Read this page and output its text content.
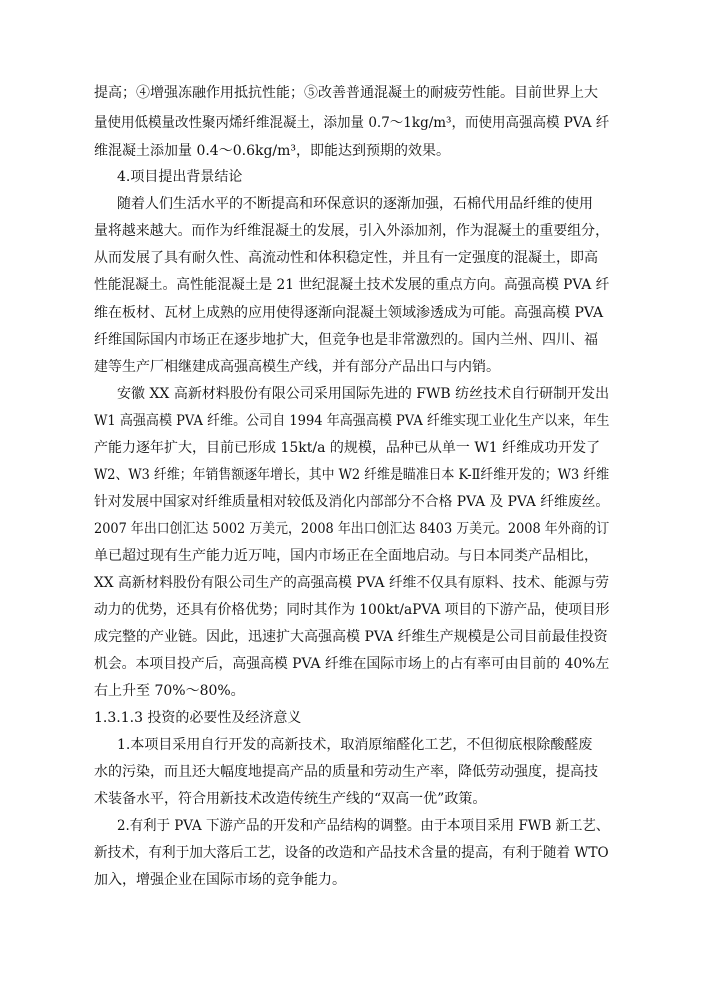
提高；④增强冻融作用抵抗性能；⑤改善普通混凝土的耐疲劳性能。目前世界上大
量使用低模量改性聚丙烯纤维混凝土，添加量 0.7～1kg/m³，而使用高强高模 PVA 纤
维混凝土添加量 0.4～0.6kg/m³，即能达到预期的效果。
4.项目提出背景结论
随着人们生活水平的不断提高和环保意识的逐渐加强，石棉代用品纤维的使用
量将越来越大。而作为纤维混凝土的发展，引入外添加剂，作为混凝土的重要组分，
从而发展了具有耐久性、高流动性和体积稳定性，并且有一定强度的混凝土，即高
性能混凝土。高性能混凝土是 21 世纪混凝土技术发展的重点方向。高强高模 PVA 纤
维在板材、瓦材上成熟的应用使得逐渐向混凝土领域渗透成为可能。高强高模 PVA
纤维国际国内市场正在逐步地扩大，但竞争也是非常激烈的。国内兰州、四川、福
建等生产厂相继建成高强高模生产线，并有部分产品出口与内销。
安徽 XX 高新材料股份有限公司采用国际先进的 FWB 纺丝技术自行研制开发出
W1 高强高模 PVA 纤维。公司自 1994 年高强高模 PVA 纤维实现工业化生产以来，年生
产能力逐年扩大，目前已形成 15kt/a 的规模，品种已从单一 W1 纤维成功开发了
W2、W3 纤维；年销售额逐年增长，其中 W2 纤维是瞄准日本 K-Ⅱ纤维开发的；W3 纤维
针对发展中国家对纤维质量相对较低及消化内部部分不合格 PVA 及 PVA 纤维废丝。
2007 年出口创汇达 5002 万美元，2008 年出口创汇达 8403 万美元。2008 年外商的订
单已超过现有生产能力近万吨，国内市场正在全面地启动。与日本同类产品相比，
XX 高新材料股份有限公司生产的高强高模 PVA 纤维不仅具有原料、技术、能源与劳
动力的优势，还具有价格优势；同时其作为 100kt/aPVA 项目的下游产品，使项目形
成完整的产业链。因此，迅速扩大高强高模 PVA 纤维生产规模是公司目前最佳投资
机会。本项目投产后，高强高模 PVA 纤维在国际市场上的占有率可由目前的 40%左
右上升至 70%～80%。
1.3.1.3 投资的必要性及经济意义
1.本项目采用自行开发的高新技术，取消原缩醛化工艺，不但彻底根除酸醛废
水的污染，而且还大幅度地提高产品的质量和劳动生产率，降低劳动强度，提高技
术装备水平，符合用新技术改造传统生产线的“双高一优”政策。
2.有利于 PVA 下游产品的开发和产品结构的调整。由于本项目采用 FWB 新工艺、
新技术，有利于加大落后工艺，设备的改造和产品技术含量的提高，有利于随着 WTO
加入，增强企业在国际市场的竞争能力。
